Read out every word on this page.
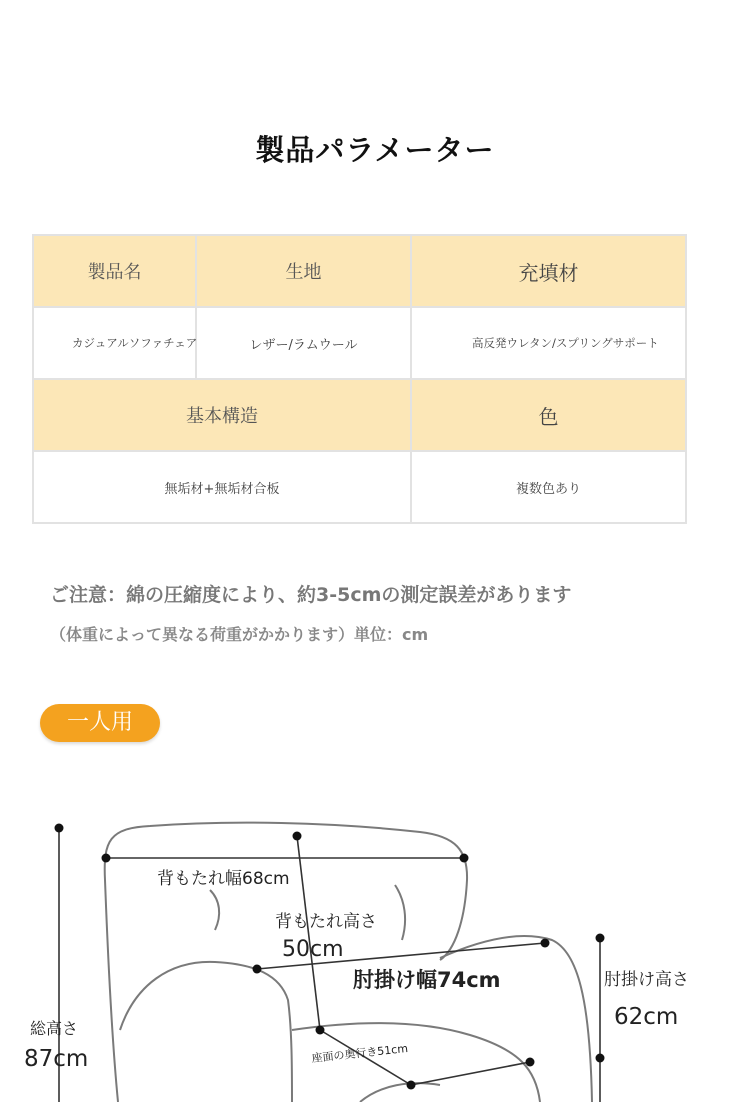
製品パラメーター
製品名	生地	充填材
カジュアルソファチェア	レザー/ラムウール	高反発ウレタン/スプリングサポート
基本構造		色
無垢材+無垢材合板		複数色あり
ご注意：綿の圧縮度により、約3-5cmの測定誤差があります
（体重によって異なる荷重がかかります）単位：cm
一人用
背もたれ幅68cm
背もたれ高さ
50cm
肘掛け幅74cm	肘掛け高さ
62cm
総高さ
87cm	座面の奥行き51cm
